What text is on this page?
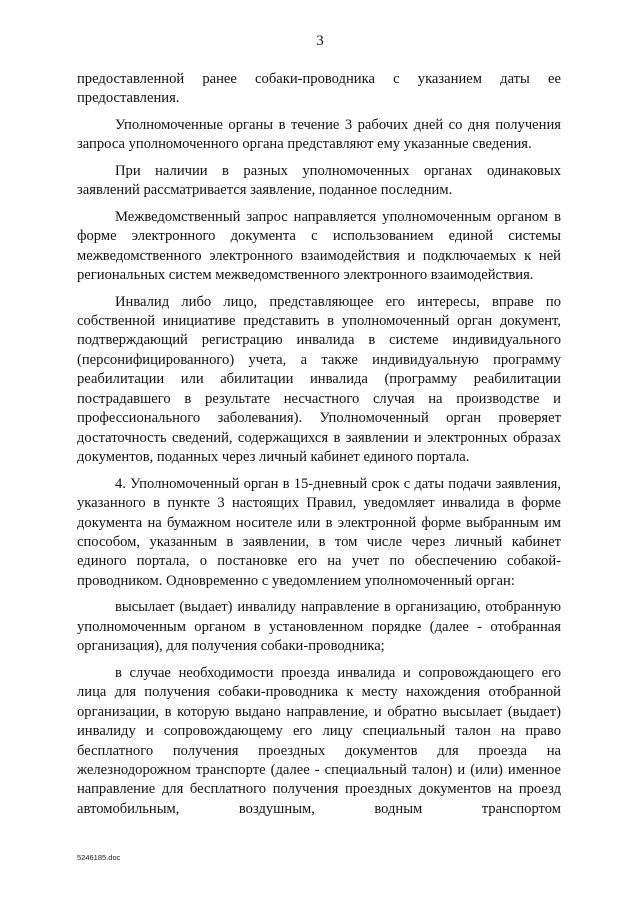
3

предоставленной ранее собаки-проводника с указанием даты ее предоставления.

Уполномоченные органы в течение 3 рабочих дней со дня получения запроса уполномоченного органа представляют ему указанные сведения.

При наличии в разных уполномоченных органах одинаковых заявлений рассматривается заявление, поданное последним.

Межведомственный запрос направляется уполномоченным органом в форме электронного документа с использованием единой системы межведомственного электронного взаимодействия и подключаемых к ней региональных систем межведомственного электронного взаимодействия.

Инвалид либо лицо, представляющее его интересы, вправе по собственной инициативе представить в уполномоченный орган документ, подтверждающий регистрацию инвалида в системе индивидуального (персонифицированного) учета, а также индивидуальную программу реабилитации или абилитации инвалида (программу реабилитации пострадавшего в результате несчастного случая на производстве и профессионального заболевания). Уполномоченный орган проверяет достаточность сведений, содержащихся в заявлении и электронных образах документов, поданных через личный кабинет единого портала.

4. Уполномоченный орган в 15-дневный срок с даты подачи заявления, указанного в пункте 3 настоящих Правил, уведомляет инвалида в форме документа на бумажном носителе или в электронной форме выбранным им способом, указанным в заявлении, в том числе через личный кабинет единого портала, о постановке его на учет по обеспечению собакой-проводником. Одновременно с уведомлением уполномоченный орган:

высылает (выдает) инвалиду направление в организацию, отобранную уполномоченным органом в установленном порядке (далее - отобранная организация), для получения собаки-проводника;

в случае необходимости проезда инвалида и сопровождающего его лица для получения собаки-проводника к месту нахождения отобранной организации, в которую выдано направление, и обратно высылает (выдает) инвалиду и сопровождающему его лицу специальный талон на право бесплатного получения проездных документов для проезда на железнодорожном транспорте (далее - специальный талон) и (или) именное направление для бесплатного получения проездных документов на проезд автомобильным, воздушным, водным транспортом

5246185.doc
